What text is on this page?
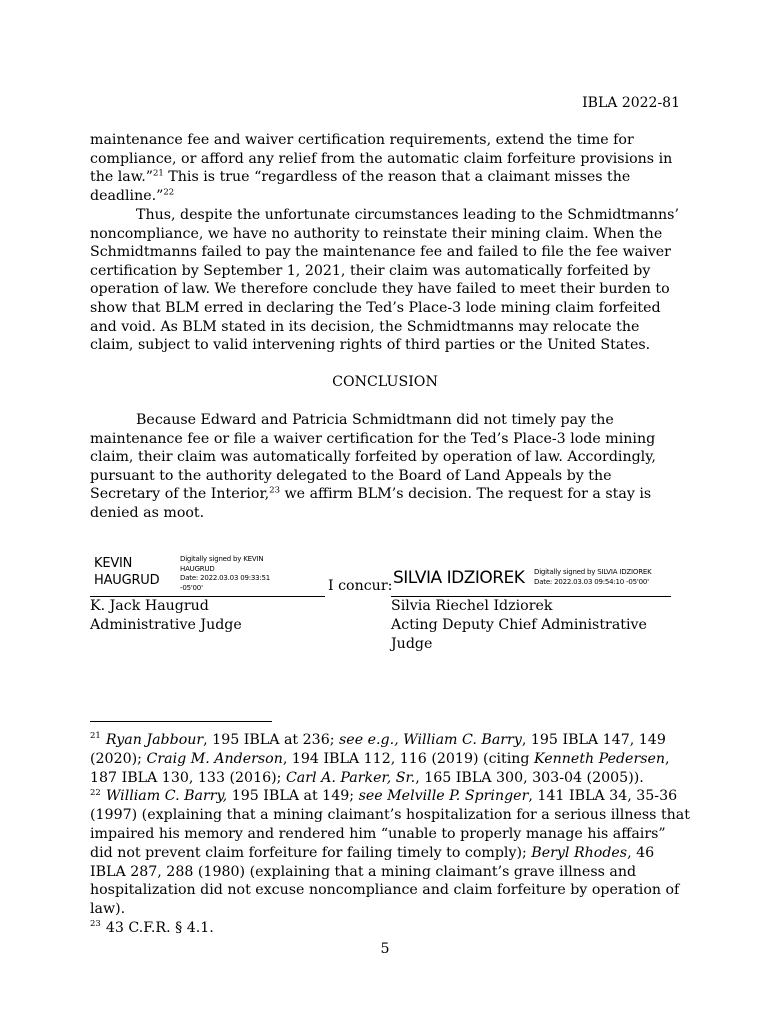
IBLA 2022-81

maintenance fee and waiver certification requirements, extend the time for compliance, or afford any relief from the automatic claim forfeiture provisions in the law.”$^{21}$ This is true “regardless of the reason that a claimant misses the deadline.”$^{22}$

Thus, despite the unfortunate circumstances leading to the Schmidtmanns’ noncompliance, we have no authority to reinstate their mining claim. When the Schmidtmanns failed to pay the maintenance fee and failed to file the fee waiver certification by September 1, 2021, their claim was automatically forfeited by operation of law. We therefore conclude they have failed to meet their burden to show that BLM erred in declaring the Ted’s Place-3 lode mining claim forfeited and void. As BLM stated in its decision, the Schmidtmanns may relocate the claim, subject to valid intervening rights of third parties or the United States.

CONCLUSION

Because Edward and Patricia Schmidtmann did not timely pay the maintenance fee or file a waiver certification for the Ted’s Place-3 lode mining claim, their claim was automatically forfeited by operation of law. Accordingly, pursuant to the authority delegated to the Board of Land Appeals by the Secretary of the Interior,$^{23}$ we affirm BLM’s decision. The request for a stay is denied as moot.

KEVIN
HAUGRUD
Digitally signed by KEVIN
HAUGRUD
Date: 2022.03.03 09:33:51
-05'00'
K. Jack Haugrud
Administrative Judge
I concur: SILVIA IDZIOREK Digitally signed by SILVIA IDZIOREK
Date: 2022.03.03 09:54:10 -05'00'
Silvia Riechel Idziorek
Acting Deputy Chief Administrative Judge

$^{21}$ Ryan Jabbour, 195 IBLA at 236; see e.g., William C. Barry, 195 IBLA 147, 149 (2020); Craig M. Anderson, 194 IBLA 112, 116 (2019) (citing Kenneth Pedersen, 187 IBLA 130, 133 (2016); Carl A. Parker, Sr., 165 IBLA 300, 303-04 (2005)).

$^{22}$ William C. Barry, 195 IBLA at 149; see Melville P. Springer, 141 IBLA 34, 35-36 (1997) (explaining that a mining claimant’s hospitalization for a serious illness that impaired his memory and rendered him “unable to properly manage his affairs” did not prevent claim forfeiture for failing timely to comply); Beryl Rhodes, 46 IBLA 287, 288 (1980) (explaining that a mining claimant’s grave illness and hospitalization did not excuse noncompliance and claim forfeiture by operation of law).

$^{23}$ 43 C.F.R. § 4.1.

5
